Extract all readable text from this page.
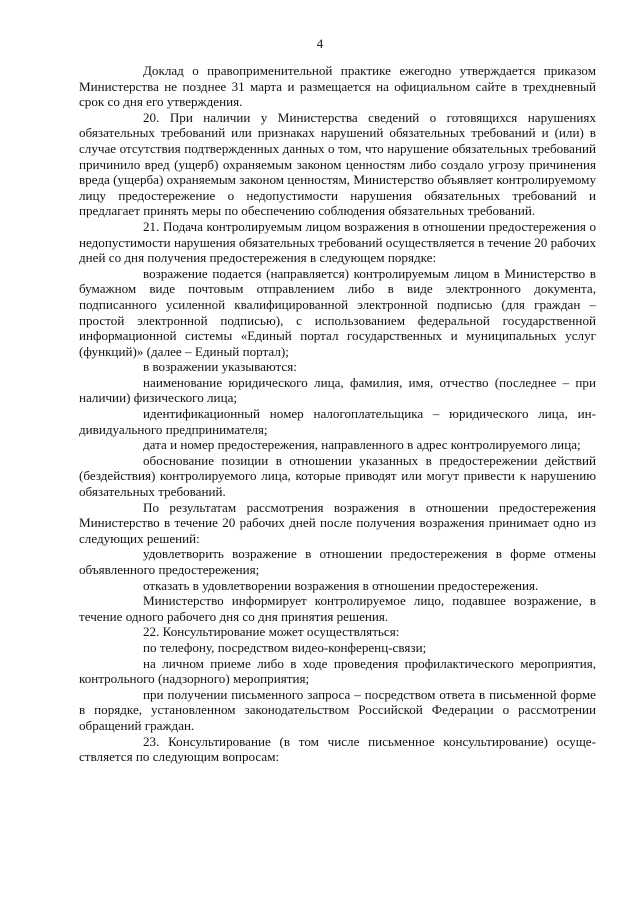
4

Доклад о правоприменительной практике ежегодно утверждается приказом Министерства не позднее 31 марта и размещается на официальном сайте в трехдневный срок со дня его утверждения.

20. При наличии у Министерства сведений о готовящихся нарушениях обязательных требований или признаках нарушений обязательных требований и (или) в случае отсутствия подтвержденных данных о том, что нарушение обязательных требований причинило вред (ущерб) охраняемым законом ценностям либо создало угрозу причинения вреда (ущерба) охраняемым законом ценностям, Министерство объявляет контролируемому лицу предостережение о недопустимости нарушения обязательных требований и предлагает принять меры по обеспечению соблюдения обязательных требований.

21. Подача контролируемым лицом возражения в отношении предостережения о недопустимости нарушения обязательных требований осуществляется в течение 20 рабочих дней со дня получения предостережения в следующем порядке:

возражение подается (направляется) контролируемым лицом в Министерство в бумажном виде почтовым отправлением либо в виде электронного документа, подписанного усиленной квалифицированной электронной подписью (для граждан – простой электронной подписью), с использованием федеральной государственной информационной системы «Единый портал государственных и муниципальных услуг (функций)» (далее – Единый портал);

в возражении указываются:

наименование юридического лица, фамилия, имя, отчество (последнее – при наличии) физического лица;

идентификационный номер налогоплательщика – юридического лица, индивидуального предпринимателя;

дата и номер предостережения, направленного в адрес контролируемого лица;

обоснование позиции в отношении указанных в предостережении действий (бездействия) контролируемого лица, которые приводят или могут привести к нарушению обязательных требований.

По результатам рассмотрения возражения в отношении предостережения Министерство в течение 20 рабочих дней после получения возражения принимает одно из следующих решений:

удовлетворить возражение в отношении предостережения в форме отмены объявленного предостережения;

отказать в удовлетворении возражения в отношении предостережения.

Министерство информирует контролируемое лицо, подавшее возражение, в течение одного рабочего дня со дня принятия решения.

22. Консультирование может осуществляться:

по телефону, посредством видео-конференц-связи;

на личном приеме либо в ходе проведения профилактического мероприятия, контрольного (надзорного) мероприятия;

при получении письменного запроса – посредством ответа в письменной форме в порядке, установленном законодательством Российской Федерации о рассмотрении обращений граждан.

23. Консультирование (в том числе письменное консультирование) осуществляется по следующим вопросам:
